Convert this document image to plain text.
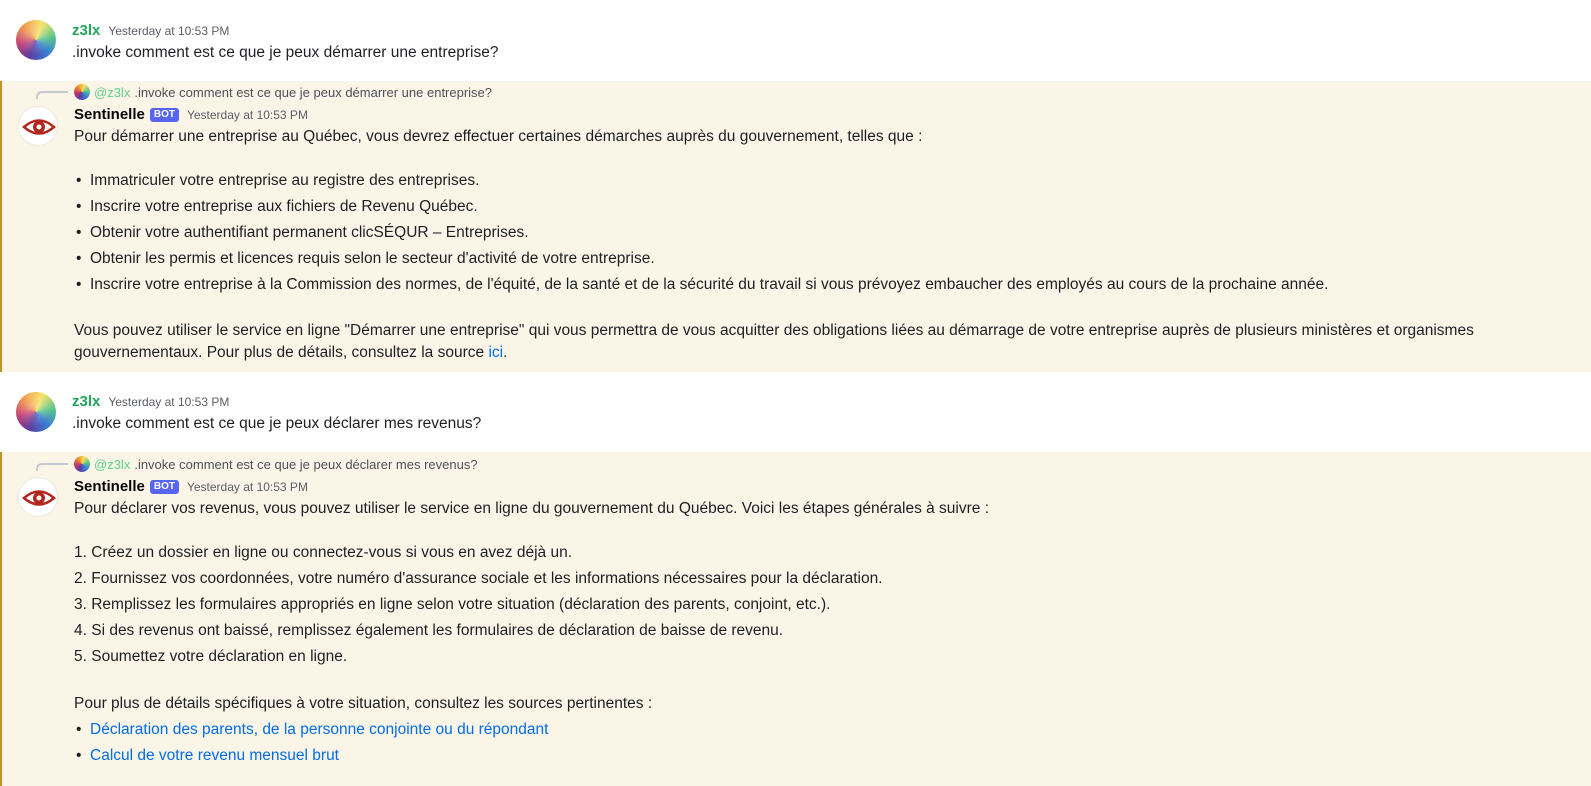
z3lx Yesterday at 10:53 PM
.invoke comment est ce que je peux démarrer une entreprise?
@z3lx .invoke comment est ce que je peux démarrer une entreprise?
Sentinelle BOT	Yesterday at 10:53 PM
Pour démarrer une entreprise au Québec, vous devrez effectuer certaines démarches auprès du gouvernement, telles que :
• Immatriculer votre entreprise au registre des entreprises.
• Inscrire votre entreprise aux fichiers de Revenu Québec.
• Obtenir votre authentifiant permanent clicSÉQUR – Entreprises.
• Obtenir les permis et licences requis selon le secteur d'activité de votre entreprise.
• Inscrire votre entreprise à la Commission des normes, de l'équité, de la santé et de la sécurité du travail si vous prévoyez embaucher des employés au cours de la prochaine année.
Vous pouvez utiliser le service en ligne "Démarrer une entreprise" qui vous permettra de vous acquitter des obligations liées au démarrage de votre entreprise auprès de plusieurs ministères et organismes gouvernementaux. Pour plus de détails, consultez la source ici.
z3lx Yesterday at 10:53 PM
.invoke comment est ce que je peux déclarer mes revenus?
@z3lx .invoke comment est ce que je peux déclarer mes revenus?
Sentinelle BOT	Yesterday at 10:53 PM
Pour déclarer vos revenus, vous pouvez utiliser le service en ligne du gouvernement du Québec. Voici les étapes générales à suivre :
1. Créez un dossier en ligne ou connectez-vous si vous en avez déjà un.
2. Fournissez vos coordonnées, votre numéro d'assurance sociale et les informations nécessaires pour la déclaration.
3. Remplissez les formulaires appropriés en ligne selon votre situation (déclaration des parents, conjoint, etc.).
4. Si des revenus ont baissé, remplissez également les formulaires de déclaration de baisse de revenu.
5. Soumettez votre déclaration en ligne.
Pour plus de détails spécifiques à votre situation, consultez les sources pertinentes :
• Déclaration des parents, de la personne conjointe ou du répondant
• Calcul de votre revenu mensuel brut
